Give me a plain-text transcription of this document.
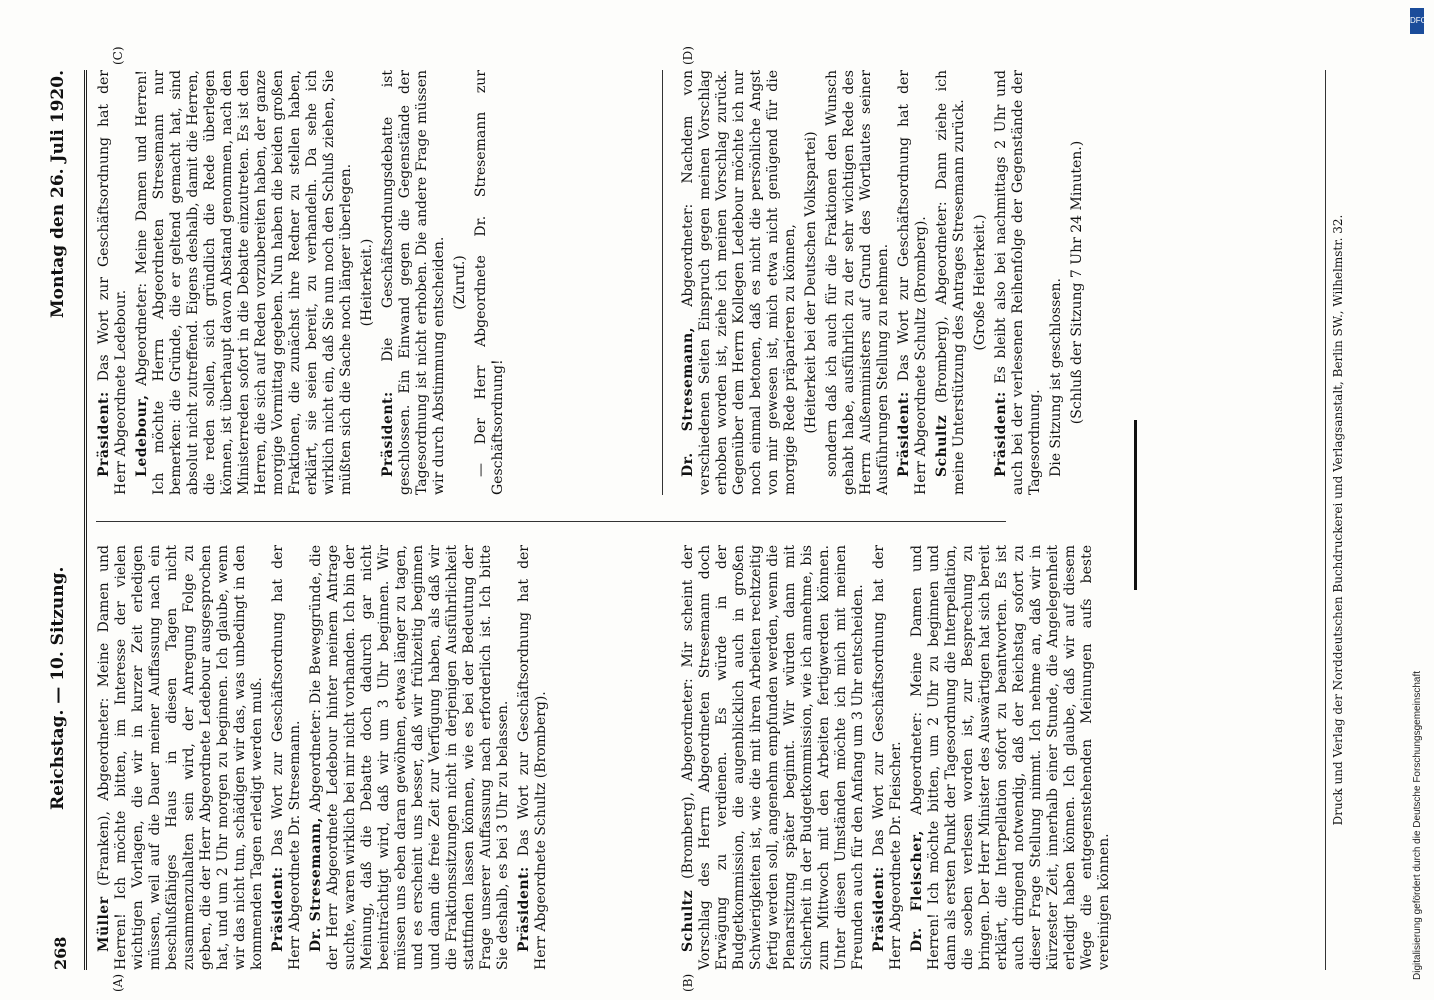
268
Reichstag. — 10. Sitzung.
Montag den 26. Juli 1920.
(A)	(B)
(C)	(D)

Müller (Franken), Abgeordneter: Meine Damen und Herren! Ich möchte bitten, im Interesse der vielen wichtigen Vorlagen, die wir in kurzer Zeit erledigen müssen, weil auf die Dauer meiner Auffassung nach ein beschlußfähiges Haus in diesen Tagen nicht zusammenzuhalten sein wird, der Anregung Folge zu geben, die der Herr Abgeordnete Ledebour ausgesprochen hat, und um 2 Uhr morgen zu beginnen. Ich glaube, wenn wir das nicht tun, schädigen wir das, was unbedingt in den kommenden Tagen erledigt werden muß. Präsident: Das Wort zur Geschäftsordnung hat der Herr Abgeordnete Dr. Stresemann. Dr. Stresemann, Abgeordneter: Die Beweggründe, die der Herr Abgeordnete Ledebour hinter meinem Antrage suchte, waren wirklich bei mir nicht vorhanden. Ich bin der Meinung, daß die Debatte doch dadurch gar nicht beeinträchtigt wird, daß wir um 3 Uhr beginnen. Wir müssen uns eben daran gewöhnen, etwas länger zu tagen, und es erscheint uns besser, daß wir frühzeitig beginnen und dann die freie Zeit zur Verfügung haben, als daß wir die Fraktionssitzungen nicht in derjenigen Ausführlichkeit stattfinden lassen können, wie es bei der Bedeutung der Frage unserer Auffassung nach erforderlich ist. Ich bitte Sie deshalb, es bei 3 Uhr zu belassen. Präsident: Das Wort zur Geschäftsordnung hat der Herr Abgeordnete Schultz (Bromberg).

Präsident: Das Wort zur Geschäftsordnung hat der Herr Abgeordnete Ledebour. Ledebour, Abgeordneter: Meine Damen und Herren! Ich möchte Herrn Abgeordneten Stresemann nur bemerken: die Gründe, die er geltend gemacht hat, sind absolut nicht zutreffend. Eigens deshalb, damit die Herren, die reden sollen, sich gründlich die Rede überlegen können, ist überhaupt davon Abstand genommen, nach den Ministerreden sofort in die Debatte einzutreten. Es ist den Herren, die sich auf Reden vorzubereiten haben, der ganze morgige Vormittag gegeben. Nun haben die beiden großen Fraktionen, die zunächst ihre Redner zu stellen haben, erklärt, sie seien bereit, zu verhandeln. Da sehe ich wirklich nicht ein, daß Sie nun noch den Schluß ziehen, Sie müßten sich die Sache noch länger überlegen. (Heiterkeit.)

Präsident: Die Geschäftsordnungsdebatte ist geschlossen. Ein Einwand gegen die Gegenstände der Tagesordnung ist nicht erhoben. Die andere Frage müssen wir durch Abstimmung entscheiden. (Zuruf.) — Der Herr Abgeordnete Dr. Stresemann zur Geschäftsordnung!

Schultz (Bromberg), Abgeordneter: Mir scheint der Vorschlag des Herrn Abgeordneten Stresemann doch Erwägung zu verdienen. Es würde in der Budgetkommission, die augenblicklich auch in großen Schwierigkeiten ist, wie die mit ihren Arbeiten rechtzeitig fertig werden soll, angenehm empfunden werden, wenn die Plenarsitzung später beginnt. Wir würden dann mit Sicherheit in der Budgetkommission, wie ich annehme, bis zum Mittwoch mit den Arbeiten fertigwerden können. Unter diesen Umständen möchte ich mich mit meinen Freunden auch für den Anfang um 3 Uhr entscheiden. Präsident: Das Wort zur Geschäftsordnung hat der Herr Abgeordnete Dr. Fleischer. Dr. Fleischer, Abgeordneter: Meine Damen und Herren! Ich möchte bitten, um 2 Uhr zu beginnen und dann als ersten Punkt der Tagesordnung die Interpellation, die soeben verlesen worden ist, zur Besprechung zu bringen. Der Herr Minister des Auswärtigen hat sich bereit erklärt, die Interpellation sofort zu beantworten. Es ist auch dringend notwendig, daß der Reichstag sofort zu dieser Frage Stellung nimmt. Ich nehme an, daß wir in kürzester Zeit, innerhalb einer Stunde, die Angelegenheit erledigt haben können. Ich glaube, daß wir auf diesem Wege die entgegenstehenden Meinungen aufs beste vereinigen können.

Dr. Stresemann, Abgeordneter: Nachdem von verschiedenen Seiten Einspruch gegen meinen Vorschlag erhoben worden ist, ziehe ich meinen Vorschlag zurück. Gegenüber dem Herrn Kollegen Ledebour möchte ich nur noch einmal betonen, daß es nicht die persönliche Angst von mir gewesen ist, mich etwa nicht genügend für die morgige Rede präparieren zu können, (Heiterkeit bei der Deutschen Volkspartei) sondern daß ich auch für die Fraktionen den Wunsch gehabt habe, ausführlich zu der sehr wichtigen Rede des Herrn Außenministers auf Grund des Wortlautes seiner Ausführungen Stellung zu nehmen. Präsident: Das Wort zur Geschäftsordnung hat der Herr Abgeordnete Schultz (Bromberg). Schultz (Bromberg), Abgeordneter: Dann ziehe ich meine Unterstützung des Antrages Stresemann zurück. (Große Heiterkeit.)

Präsident: Es bleibt also bei nachmittags 2 Uhr und auch bei der verlesenen Reihenfolge der Gegenstände der Tagesordnung. Die Sitzung ist geschlossen. (Schluß der Sitzung 7 Uhr 24 Minuten.)	Druck und Verlag der Norddeutschen Buchdruckerei und Verlagsanstalt, Berlin SW., Wilhelmstr. 32.
DFG
Digitalisierung gefördert durch die Deutsche Forschungsgemeinschaft
